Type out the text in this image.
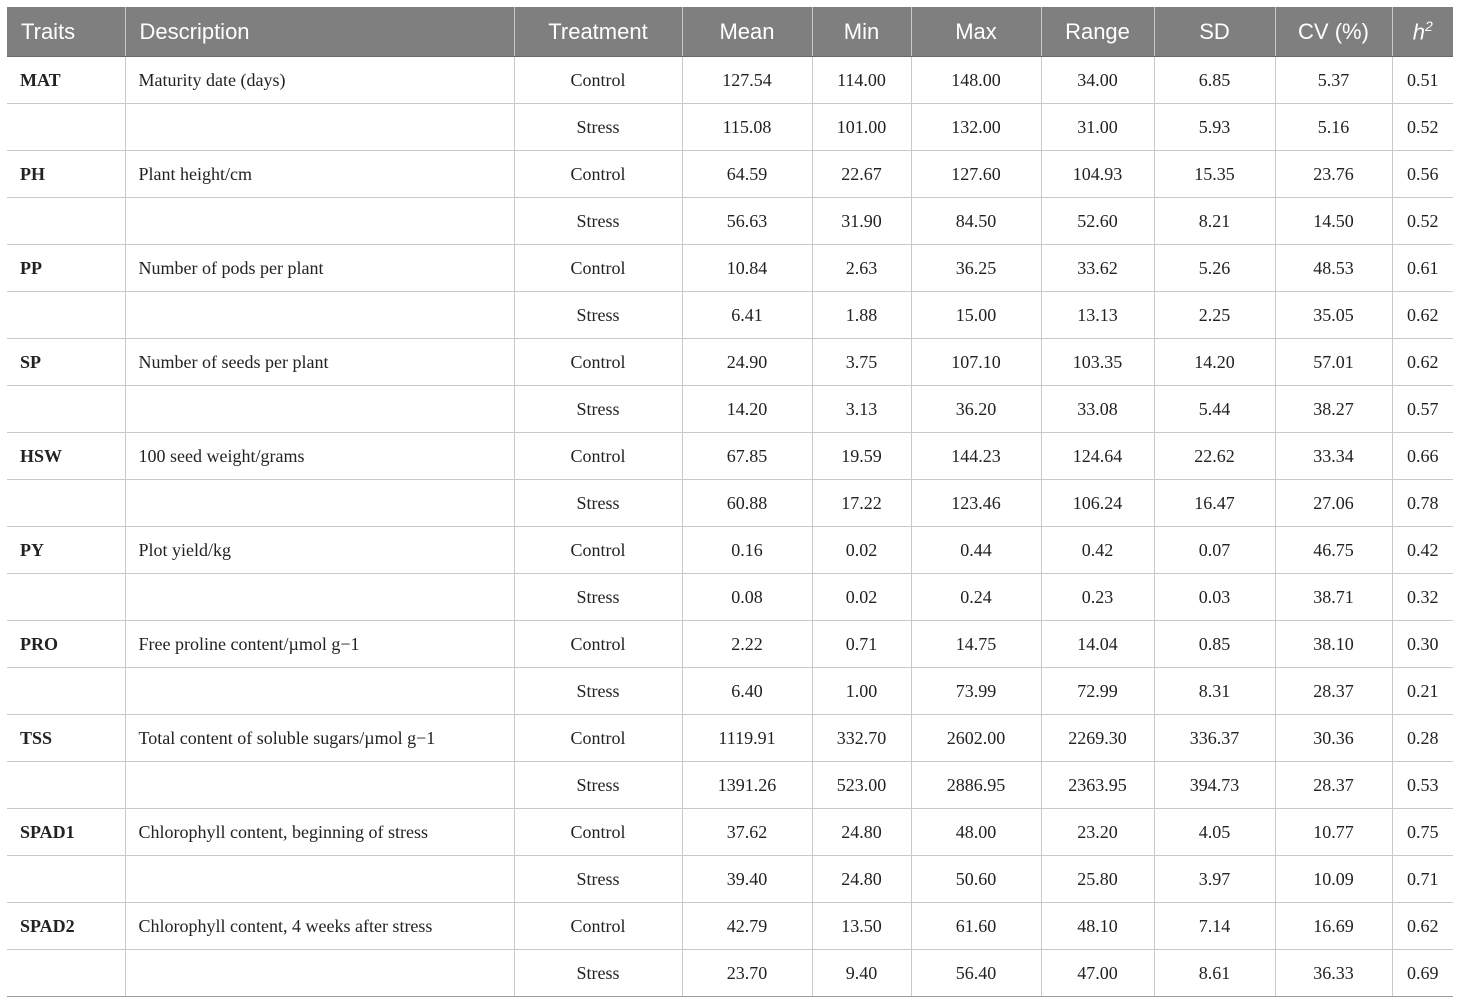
Traits	Description	Treatment	Mean	Min	Max	Range	SD	CV (%)	$h^2$
MAT	Maturity date (days)	Control	127.54	114.00	148.00	34.00	6.85	5.37	0.51
		Stress	115.08	101.00	132.00	31.00	5.93	5.16	0.52
PH	Plant height/cm	Control	64.59	22.67	127.60	104.93	15.35	23.76	0.56
		Stress	56.63	31.90	84.50	52.60	8.21	14.50	0.52
PP	Number of pods per plant	Control	10.84	2.63	36.25	33.62	5.26	48.53	0.61
		Stress	6.41	1.88	15.00	13.13	2.25	35.05	0.62
SP	Number of seeds per plant	Control	24.90	3.75	107.10	103.35	14.20	57.01	0.62
		Stress	14.20	3.13	36.20	33.08	5.44	38.27	0.57
HSW	100 seed weight/grams	Control	67.85	19.59	144.23	124.64	22.62	33.34	0.66
		Stress	60.88	17.22	123.46	106.24	16.47	27.06	0.78
PY	Plot yield/kg	Control	0.16	0.02	0.44	0.42	0.07	46.75	0.42
		Stress	0.08	0.02	0.24	0.23	0.03	38.71	0.32
PRO	Free proline content/µmol g−1	Control	2.22	0.71	14.75	14.04	0.85	38.10	0.30
		Stress	6.40	1.00	73.99	72.99	8.31	28.37	0.21
TSS	Total content of soluble sugars/µmol g−1	Control	1119.91	332.70	2602.00	2269.30	336.37	30.36	0.28
		Stress	1391.26	523.00	2886.95	2363.95	394.73	28.37	0.53
SPAD1	Chlorophyll content, beginning of stress	Control	37.62	24.80	48.00	23.20	4.05	10.77	0.75
		Stress	39.40	24.80	50.60	25.80	3.97	10.09	0.71
SPAD2	Chlorophyll content, 4 weeks after stress	Control	42.79	13.50	61.60	48.10	7.14	16.69	0.62
		Stress	23.70	9.40	56.40	47.00	8.61	36.33	0.69
